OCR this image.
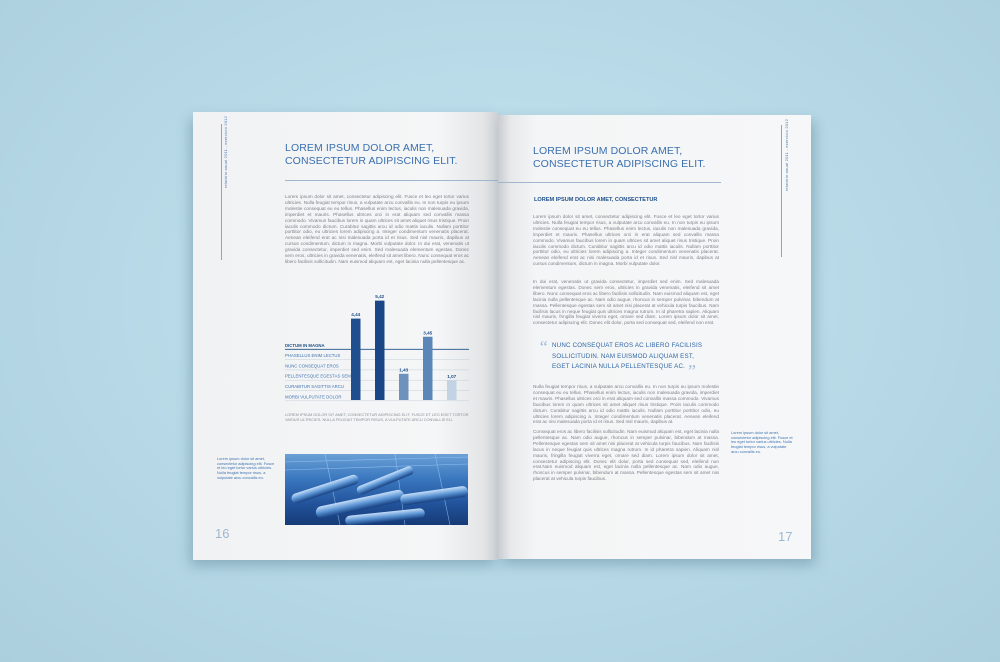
relatório anual 2011 - exercício 2012	LOREM IPSUM DOLOR AMET, CONSECTETUR ADIPISCING ELIT.
Lorem ipsum dolor sit amet, consectetur adipiscing elit. Fusce et leo eget tortor varius ultricies. Nulla feugiat tempor risus, a vulputate arcu convallis eu. In non turpis eu ipsum molestie consequat eu eu tellus. Phasellus enim lectus, iaculis non malesuada gravida, imperdiet et mauris. Phasellus ultrices orci in erat aliquam sed convallis massa commodo. Vivamus faucibus lorem in quam ultrices sit amet aliquet risus tristique. Proin iaculis commodo dictum. Curabitur sagittis arcu id odio mattis iaculis. Nullam porttitor porttitor odio, eu ultricies lorem adipiscing a. Integer condimentum venenatis placerat. Aenean eleifend erat ac nisi malesuada porta id et risus. Sed nisl mauris, dapibus at cursus condimentum, dictum in magna. Morbi vulputate dolor. In dui erat, venenatis ut gravida consectetur, imperdiet sed enim. Sed malesuada elementum egestas. Donec sem eros, ultricies in gravida venenatis, eleifend sit amet libero. Nunc consequat eros ac libero facilisis sollicitudin. Nam euismod aliquam est, eget lacinia nulla pellentesque ac.
DICTUM IN MAGNA
PHASELLUS ENIM LECTUS
NUNC CONSEQUAT EROS
PELLENTESQUE EGESTAS SEM
CURABITUR SAGITTIS ARCU
MORBI VULPUTATE DOLOR
4,44
5,42
1,43
3,45
1,07
LOREM IPSUM DOLOR SIT AMET, CONSECTETUR ADIPISCING ELIT. FUSCE ET LEO EGET TORTOR VARIUS ULTRICIES. NULLA FEUGIAT TEMPOR RISUS, A VULPUTATE ARCU CONVALLIS EU.
Lorem ipsum dolor sit amet, consectetur adipiscing elit. Fusce et leo eget tortor varius ultricies. Nulla feugiat tempor risus, a vulputate arcu convallis eu.
16
relatório anual 2011 - exercício 2012
LOREM IPSUM DOLOR AMET, CONSECTETUR ADIPISCING ELIT.
LOREM IPSUM DOLOR AMET, CONSECTETUR
Lorem ipsum dolor sit amet, consectetur adipiscing elit. Fusce et leo eget tortor varius ultricies. Nulla feugiat tempor risus, a vulputate arcu convallis eu. In non turpis eu ipsum molestie consequat eu eu tellus. Phasellus enim lectus, iaculis non malesuada gravida, imperdiet et mauris. Phasellus ultrices orci in erat aliquam sed convallis massa commodo. Vivamus faucibus lorem in quam ultrices sit amet aliquet risus tristique. Proin iaculis commodo dictum. Curabitur sagittis arcu id odio mattis iaculis. Nullam porttitor porttitor odio, eu ultricies lorem adipiscing a. Integer condimentum venenatis placerat. Aenean eleifend erat ac nisi malesuada porta id et risus. Sed nisl mauris, dapibus at cursus condimentum, dictum in magna. Morbi vulputate dolor.
In dui erat, venenatis ut gravida consectetur, imperdiet sed enim. Sed malesuada elementum egestas. Donec sem eros, ultricies in gravida venenatis, eleifend sit amet libero. Nunc consequat eros ac libero facilisis sollicitudin. Nam euismod aliquam est, eget lacinia nulla pellentesque ac. Nam odio augue, rhoncus in semper pulvinar, bibendum at massa. Pellentesque egestas sem sit amet nisi placerat at vehicula turpis faucibus. Nam facilisis lacus in neque feugiat quis ultrices magna rutrum. In id pharetra sapien. Aliquam nisl mauris, fringilla feugiat viverra eget, ornare sed diam. Lorem ipsum dolor sit amet, consectetur adipiscing elit. Donec elit dolor, porta sed consequat sed, eleifend non erat.
“ NUNC CONSEQUAT EROS AC LIBERO FACILISIS SOLLICITUDIN. NAM EUISMOD ALIQUAM EST, EGET LACINIA NULLA PELLENTESQUE AC. ”
Nulla feugiat tempor risus, a vulputate arcu convallis eu. In non turpis eu ipsum molestie consequat eu eu tellus. Phasellus enim lectus, iaculis non malesuada gravida, imperdiet et mauris. Phasellus ultrices orci in erat aliquam sed convallis massa commodo. Vivamus faucibus lorem in quam ultrices sit amet aliquet risus tristique. Proin iaculis commodo dictum. Curabitur sagittis arcu id odio mattis iaculis. Nullam porttitor porttitor odio, eu ultricies lorem adipiscing a. Integer condimentum venenatis placerat. Aenean eleifend erat ac nisi malesuada porta id et risus. Sed nisl mauris, dapibus at.
Consequat eros ac libero facilisis sollicitudin. Nam euismod aliquam est, eget lacinia nulla pellentesque ac. Nam odio augue, rhoncus in semper pulvinar, bibendum at massa. Pellentesque egestas sem sit amet nisi placerat at vehicula turpis faucibus. Nam facilisis lacus in neque feugiat quis ultrices magna rutrum. In id pharetra sapien. Aliquam nisl mauris, fringilla feugiat viverra eget, ornare sed diam. Lorem ipsum dolor sit amet, consectetur adipiscing elit. Donec elit dolor, porta sed consequat sed, eleifend non erat.Nam euismod aliquam est, eget lacinia nulla pellentesque ac. Nam odio augue, rhoncus in semper pulvinar, bibendum at massa. Pellentesque egestas sem sit amet nisi placerat at vehicula turpis faucibus.
Lorem ipsum dolor sit amet, consectetur adipiscing elit. Fusce et leo eget tortor varius ultricies. Nulla feugiat tempor risus, a vulputate arcu convallis eu.
17
